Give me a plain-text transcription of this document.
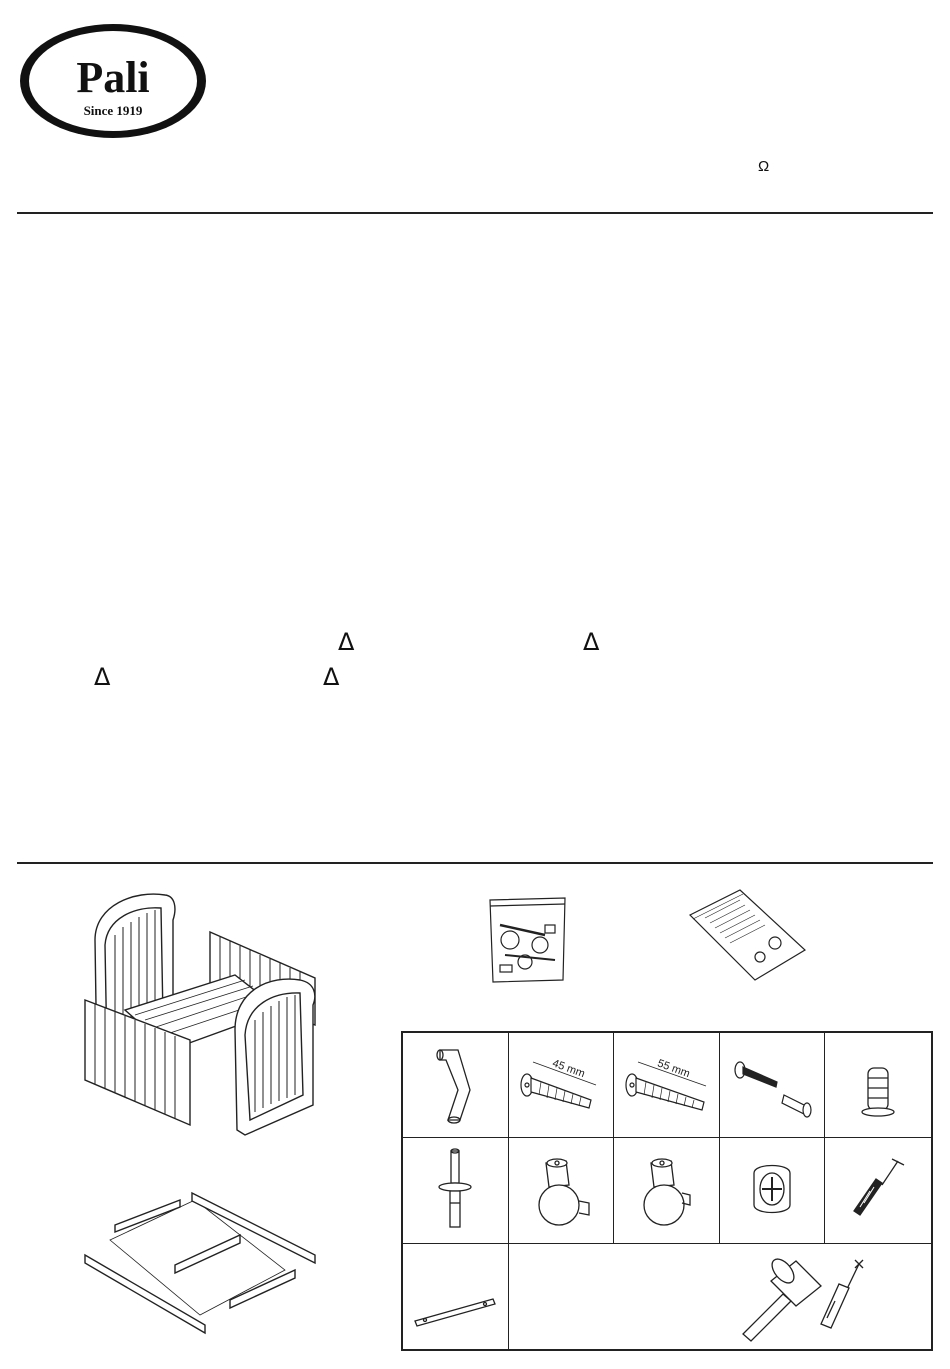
Pali
Since 1919
Ω
Δ	Δ
Δ	Δ
45 mm	55 mm
